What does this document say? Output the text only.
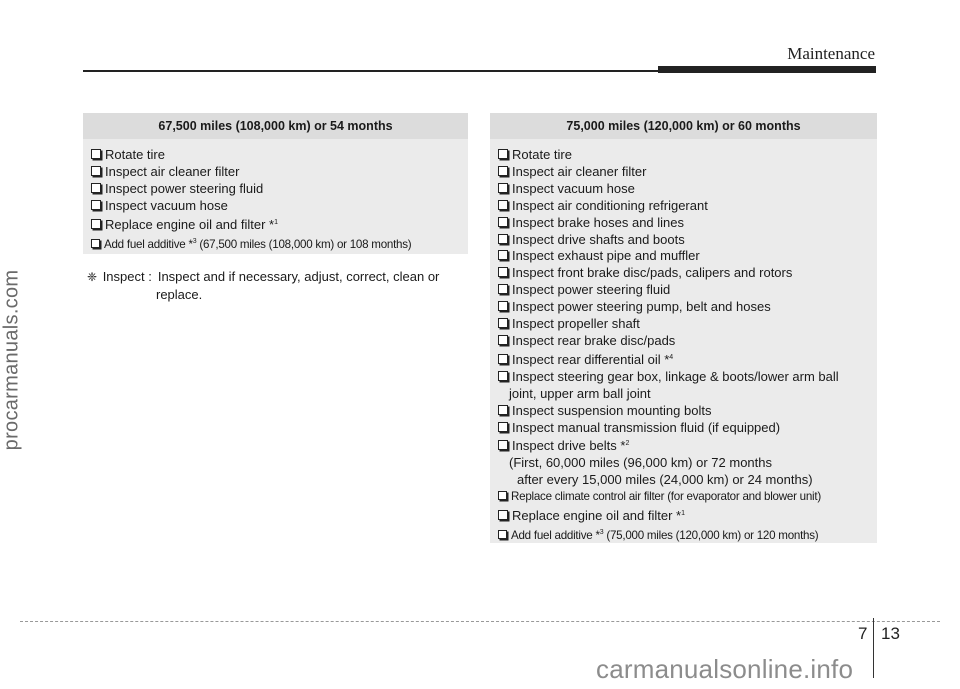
Maintenance
procarmanuals.com
67,500 miles (108,000 km) or 54 months
Rotate tire
Inspect air cleaner filter
Inspect power steering fluid
Inspect vacuum hose
Replace engine oil and filter *$^1$
Add fuel additive *$^3$ (67,500 miles (108,000 km) or 108 months)
❈ Inspect : Inspect and if necessary, adjust, correct, clean or
replace.
75,000 miles (120,000 km) or 60 months
Rotate tire
Inspect air cleaner filter
Inspect vacuum hose
Inspect air conditioning refrigerant
Inspect brake hoses and lines
Inspect drive shafts and boots
Inspect exhaust pipe and muffler
Inspect front brake disc/pads, calipers and rotors
Inspect power steering fluid
Inspect power steering pump, belt and hoses
Inspect propeller shaft
Inspect rear brake disc/pads
Inspect rear differential oil *$^4$
Inspect steering gear box, linkage & boots/lower arm ball
joint, upper arm ball joint
Inspect suspension mounting bolts
Inspect manual transmission fluid (if equipped)
Inspect drive belts *$^2$
(First, 60,000 miles (96,000 km) or 72 months
after every 15,000 miles (24,000 km) or 24 months)
Replace climate control air filter (for evaporator and blower unit)
Replace engine oil and filter *$^1$
Add fuel additive *$^3$ (75,000 miles (120,000 km) or 120 months)
7 13
carmanualsonline.info
